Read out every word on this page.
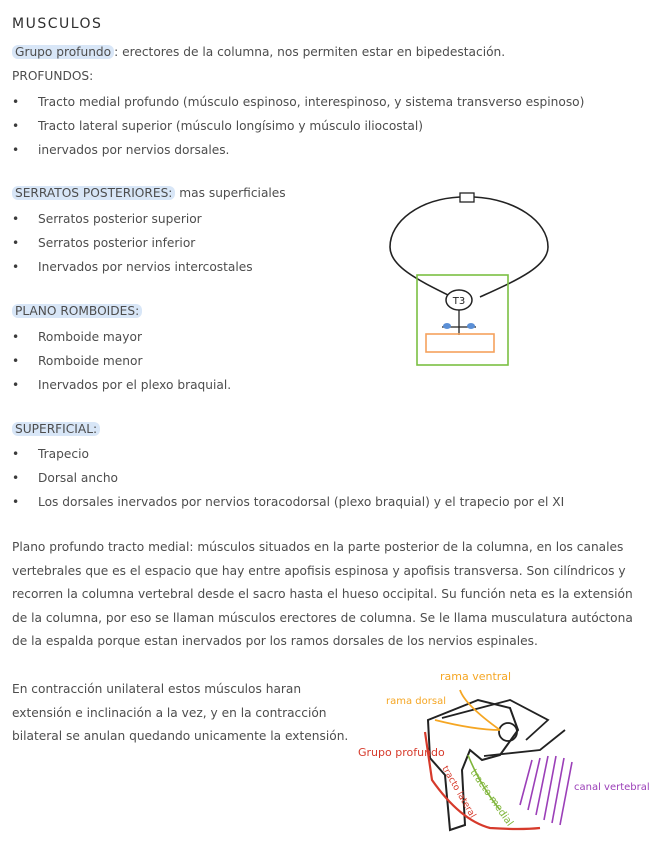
MUSCULOS
Grupo profundo : erectores de la columna, nos permiten estar en bipedestación.
PROFUNDOS:
• Tracto medial profundo (músculo espinoso, interespinoso, y sistema transverso espinoso)
• Tracto lateral superior (músculo longísimo y músculo iliocostal)
• inervados por nervios dorsales.
SERRATOS POSTERIORES: mas superficiales
• Serratos posterior superior
• Serratos posterior inferior
• Inervados por nervios intercostales
PLANO ROMBOIDES:
• Romboide mayor
• Romboide menor
• Inervados por el plexo braquial.
SUPERFICIAL:
• Trapecio
• Dorsal ancho
• Los dorsales inervados por nervios toracodorsal (plexo braquial) y el trapecio por el XI
Plano profundo tracto medial: músculos situados en la parte posterior de la columna, en los canales vertebrales que es el espacio que hay entre apofisis espinosa y apofisis transversa. Son cilíndricos y recorren la columna vertebral desde el sacro hasta el hueso occipital. Su función neta es la extensión de la columna, por eso se llaman músculos erectores de columna. Se le llama musculatura autóctona de la espalda porque estan inervados por los ramos dorsales de los nervios espinales.
En contracción unilateral estos músculos haran extensión e inclinación a la vez, y en la contracción bilateral se anulan quedando unicamente la extensión.
T3
rama ventral
rama dorsal
Grupo profundo
tracto medial
tracto lateral	canal vertebral
